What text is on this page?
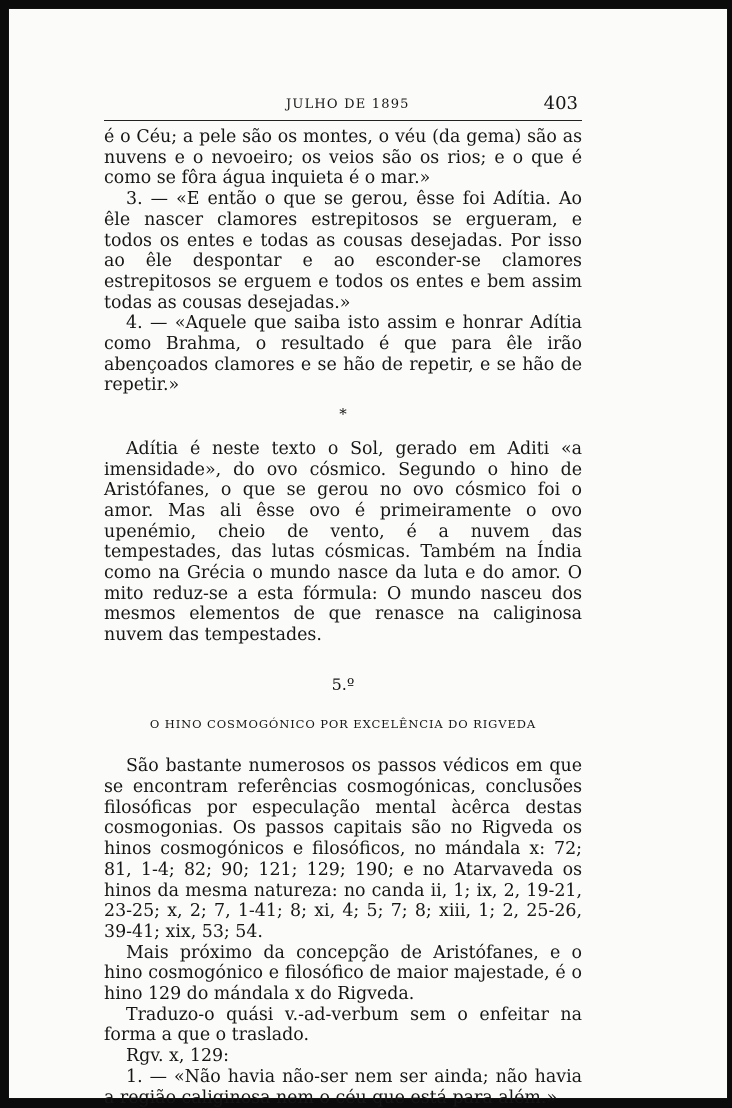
JULHO DE 1895	403

é o Céu; a pele são os montes, o véu (da gema) são as nuvens e o nevoeiro; os veios são os rios; e o que é como se fôra água inquieta é o mar.»

3. — «E então o que se gerou, êsse foi Adítia. Ao êle nascer clamores estrepitosos se ergueram, e todos os entes e todas as cousas desejadas. Por isso ao êle despontar e ao esconder-se clamores estrepitosos se erguem e todos os entes e bem assim todas as cousas desejadas.»

4. — «Aquele que saiba isto assim e honrar Adítia como Brahma, o resultado é que para êle irão abençoados clamores e se hão de repetir, e se hão de repetir.»

*

Adítia é neste texto o Sol, gerado em Aditi «a imensidade», do ovo cósmico. Segundo o hino de Aristófanes, o que se gerou no ovo cósmico foi o amor. Mas ali êsse ovo é primeiramente o ovo upenémio, cheio de vento, é a nuvem das tempestades, das lutas cósmicas. Também na Índia como na Grécia o mundo nasce da luta e do amor. O mito reduz-se a esta fórmula: O mundo nasceu dos mesmos elementos de que renasce na caliginosa nuvem das tempestades.

5.º
O HINO COSMOGÓNICO POR EXCELÊNCIA DO RIGVEDA

São bastante numerosos os passos védicos em que se encontram referências cosmogónicas, conclusões filosóficas por especulação mental àcêrca destas cosmogonias. Os passos capitais são no Rigveda os hinos cosmogónicos e filosóficos, no mándala x: 72; 81, 1-4; 82; 90; 121; 129; 190; e no Atarvaveda os hinos da mesma natureza: no canda ii, 1; ix, 2, 19-21, 23-25; x, 2; 7, 1-41; 8; xi, 4; 5; 7; 8; xiii, 1; 2, 25-26, 39-41; xix, 53; 54.

Mais próximo da concepção de Aristófanes, e o hino cosmogónico e filosófico de maior majestade, é o hino 129 do mándala x do Rigveda.

Traduzo-o quási v.-ad-verbum sem o enfeitar na forma a que o traslado.

Rgv. x, 129:

1. — «Não havia não-ser nem ser ainda; não havia a região caliginosa nem o céu que está para além.»
